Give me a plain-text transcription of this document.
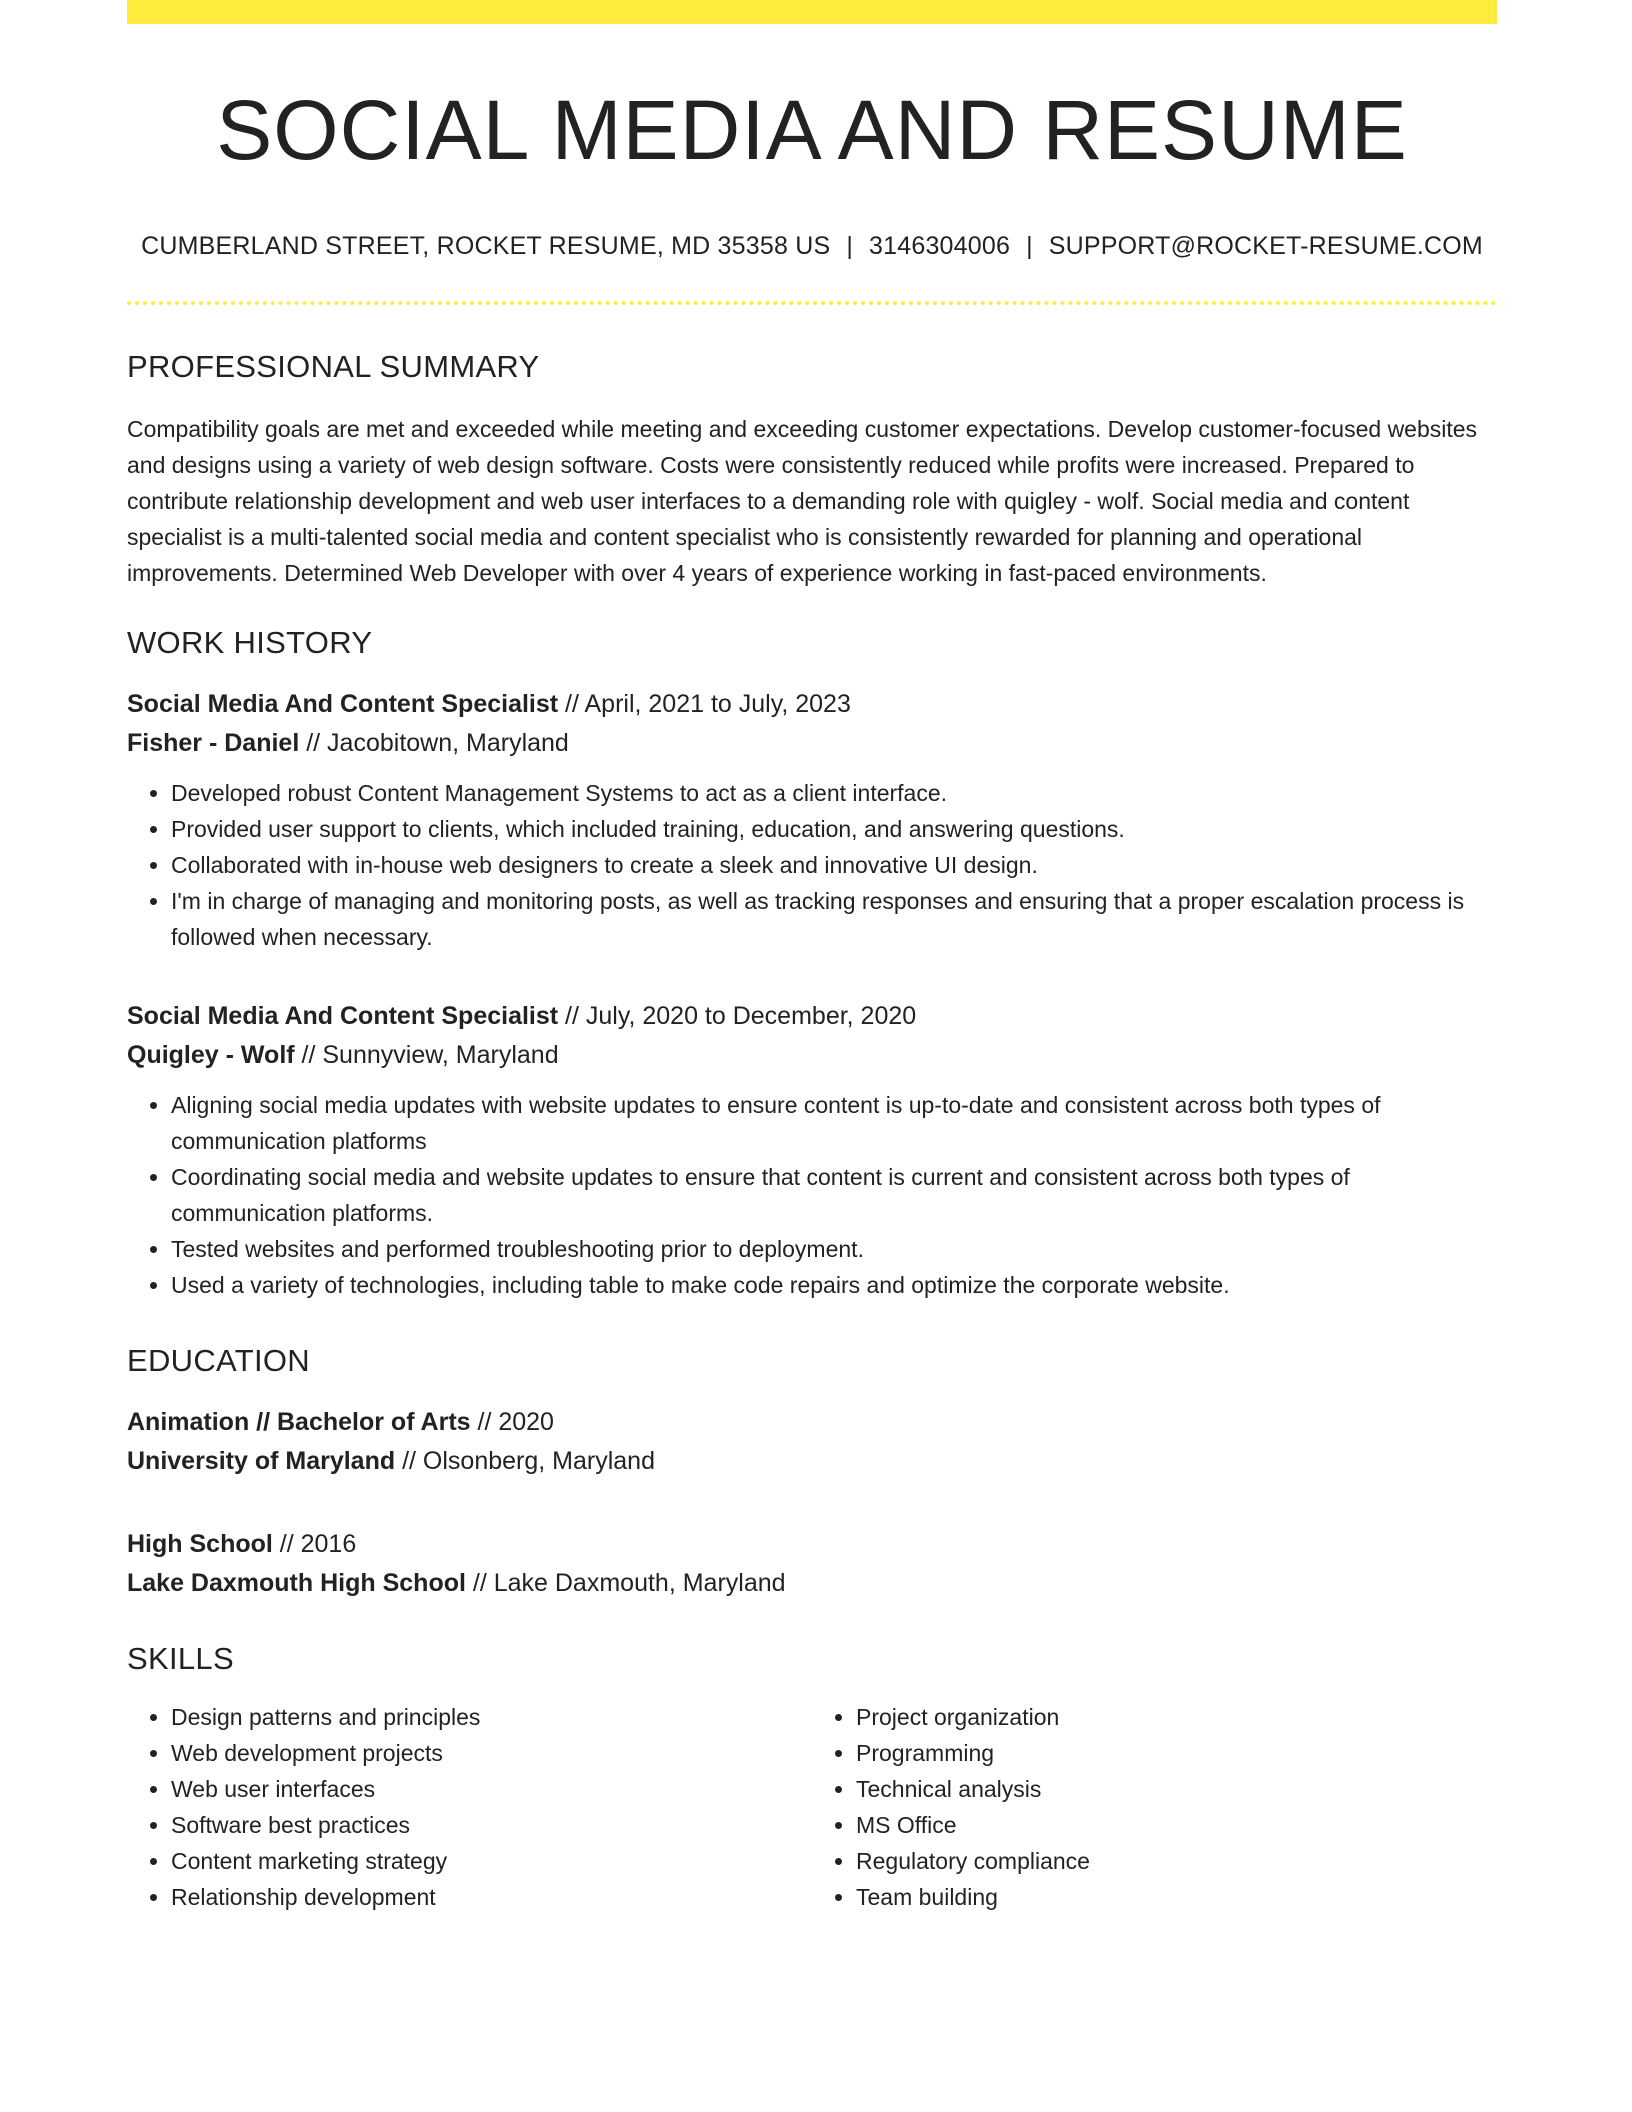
SOCIAL MEDIA AND RESUME
CUMBERLAND STREET, ROCKET RESUME, MD 35358 US | 3146304006 | SUPPORT@ROCKET-RESUME.COM
PROFESSIONAL SUMMARY

Compatibility goals are met and exceeded while meeting and exceeding customer expectations. Develop customer-focused websites and designs using a variety of web design software. Costs were consistently reduced while profits were increased. Prepared to contribute relationship development and web user interfaces to a demanding role with quigley - wolf. Social media and content specialist is a multi-talented social media and content specialist who is consistently rewarded for planning and operational improvements. Determined Web Developer with over 4 years of experience working in fast-paced environments.

WORK HISTORY
Social Media And Content Specialist // April, 2021 to July, 2023
Fisher - Daniel // Jacobitown, Maryland
• Developed robust Content Management Systems to act as a client interface.
• Provided user support to clients, which included training, education, and answering questions.
• Collaborated with in-house web designers to create a sleek and innovative UI design.
• I'm in charge of managing and monitoring posts, as well as tracking responses and ensuring that a proper escalation process is followed when necessary.
Social Media And Content Specialist // July, 2020 to December, 2020
Quigley - Wolf // Sunnyview, Maryland
• Aligning social media updates with website updates to ensure content is up-to-date and consistent across both types of communication platforms
• Coordinating social media and website updates to ensure that content is current and consistent across both types of communication platforms.
• Tested websites and performed troubleshooting prior to deployment.
• Used a variety of technologies, including table to make code repairs and optimize the corporate website.
EDUCATION
Animation // Bachelor of Arts // 2020
University of Maryland // Olsonberg, Maryland
High School // 2016
Lake Daxmouth High School // Lake Daxmouth, Maryland
SKILLS
• Design patterns and principles
• Web development projects
• Web user interfaces
• Software best practices
• Content marketing strategy
• Relationship development
• Project organization
• Programming
• Technical analysis
• MS Office
• Regulatory compliance
• Team building
